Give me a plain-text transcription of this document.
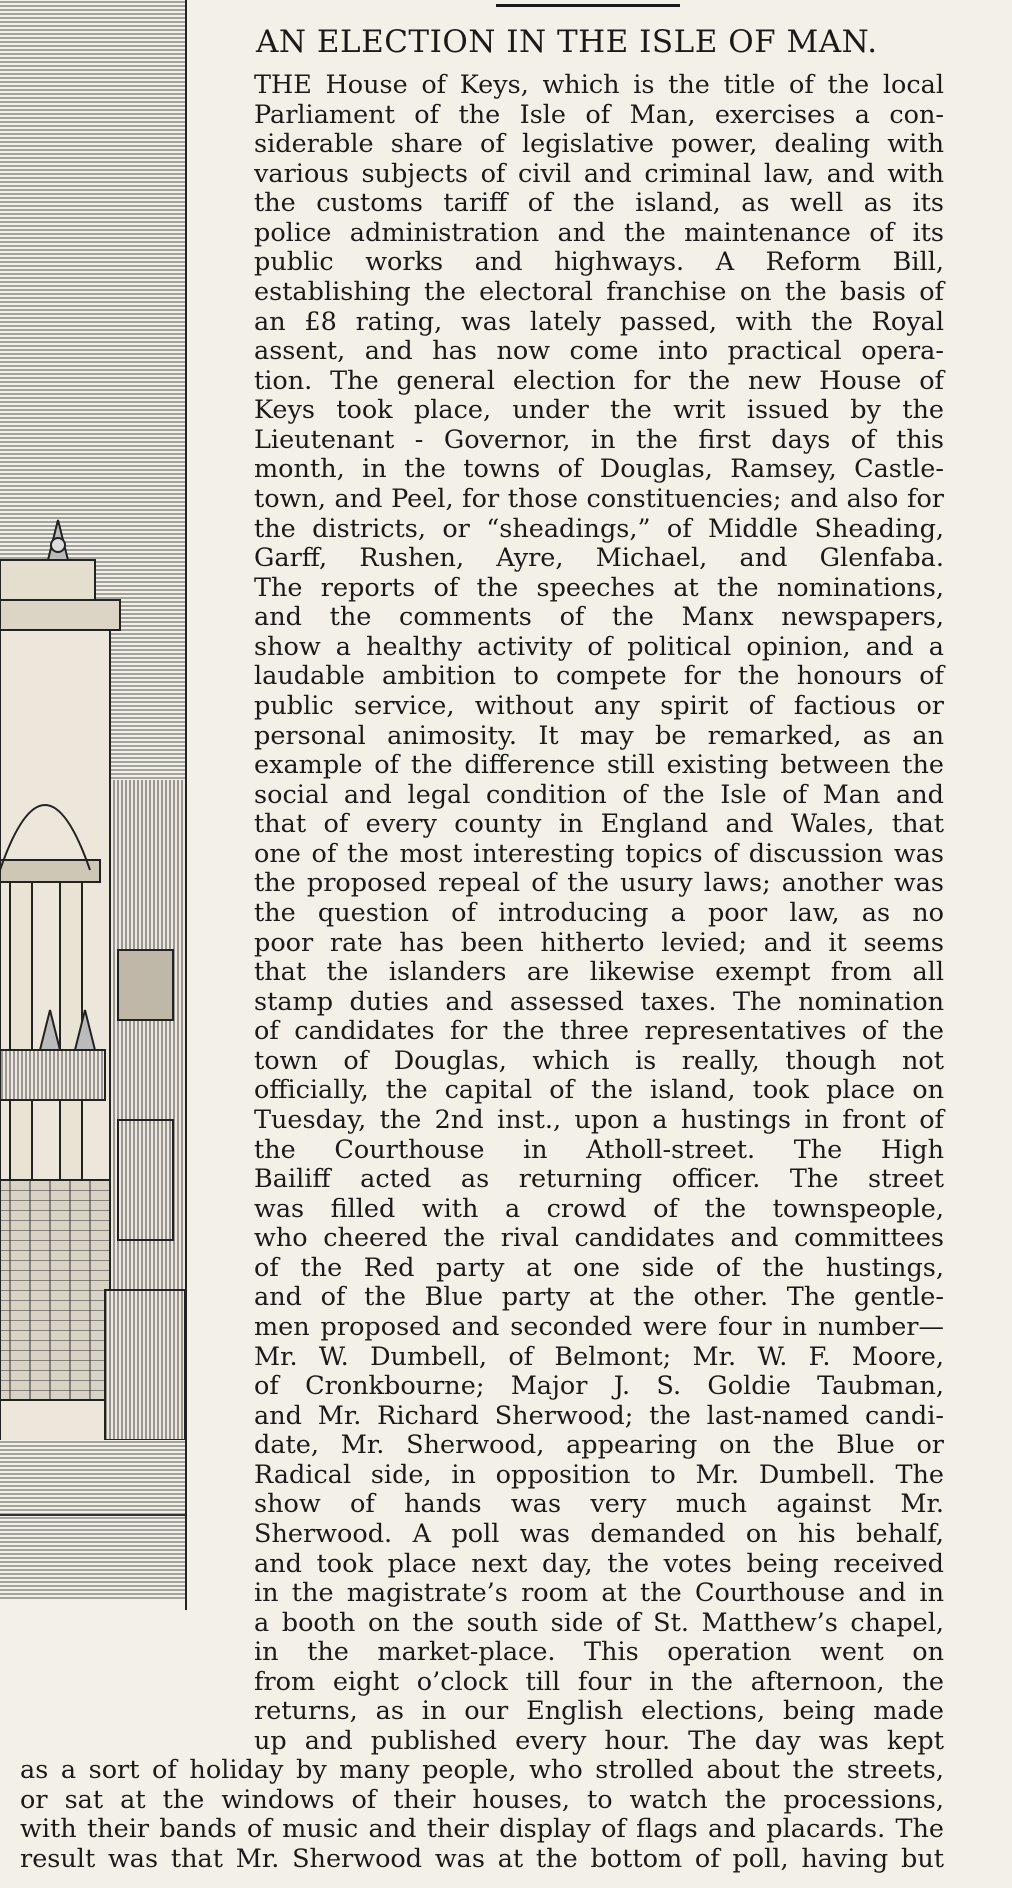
AN ELECTION IN THE ISLE OF MAN.
THE House of Keys, which is the title of the local
Parliament of the Isle of Man, exercises a con-
siderable share of legislative power, dealing with
various subjects of civil and criminal law, and with
the customs tariff of the island, as well as its
police administration and the maintenance of its
public works and highways. A Reform Bill,
establishing the electoral franchise on the basis of
an £8 rating, was lately passed, with the Royal
assent, and has now come into practical opera-
tion. The general election for the new House of
Keys took place, under the writ issued by the
Lieutenant - Governor, in the first days of this
month, in the towns of Douglas, Ramsey, Castle-
town, and Peel, for those constituencies; and also for
the districts, or “sheadings,” of Middle Sheading,
Garff, Rushen, Ayre, Michael, and Glenfaba.
The reports of the speeches at the nominations,
and the comments of the Manx newspapers,
show a healthy activity of political opinion, and a
laudable ambition to compete for the honours of
public service, without any spirit of factious or
personal animosity. It may be remarked, as an
example of the difference still existing between the
social and legal condition of the Isle of Man and
that of every county in England and Wales, that
one of the most interesting topics of discussion was
the proposed repeal of the usury laws; another was
the question of introducing a poor law, as no
poor rate has been hitherto levied; and it seems
that the islanders are likewise exempt from all
stamp duties and assessed taxes. The nomination
of candidates for the three representatives of the
town of Douglas, which is really, though not
officially, the capital of the island, took place on
Tuesday, the 2nd inst., upon a hustings in front of
the Courthouse in Atholl-street. The High
Bailiff acted as returning officer. The street
was filled with a crowd of the townspeople,
who cheered the rival candidates and committees
of the Red party at one side of the hustings,
and of the Blue party at the other. The gentle-
men proposed and seconded were four in number—
Mr. W. Dumbell, of Belmont; Mr. W. F. Moore,
of Cronkbourne; Major J. S. Goldie Taubman,
and Mr. Richard Sherwood; the last-named candi-
date, Mr. Sherwood, appearing on the Blue or
Radical side, in opposition to Mr. Dumbell. The
show of hands was very much against Mr.
Sherwood. A poll was demanded on his behalf,
and took place next day, the votes being received
in the magistrate’s room at the Courthouse and in
a booth on the south side of St. Matthew’s chapel,
in the market-place. This operation went on
from eight o’clock till four in the afternoon, the
returns, as in our English elections, being made
up and published every hour. The day was kept
as a sort of holiday by many people, who strolled about the streets,
or sat at the windows of their houses, to watch the processions,
with their bands of music and their display of flags and placards. The
result was that Mr. Sherwood was at the bottom of poll, having but
